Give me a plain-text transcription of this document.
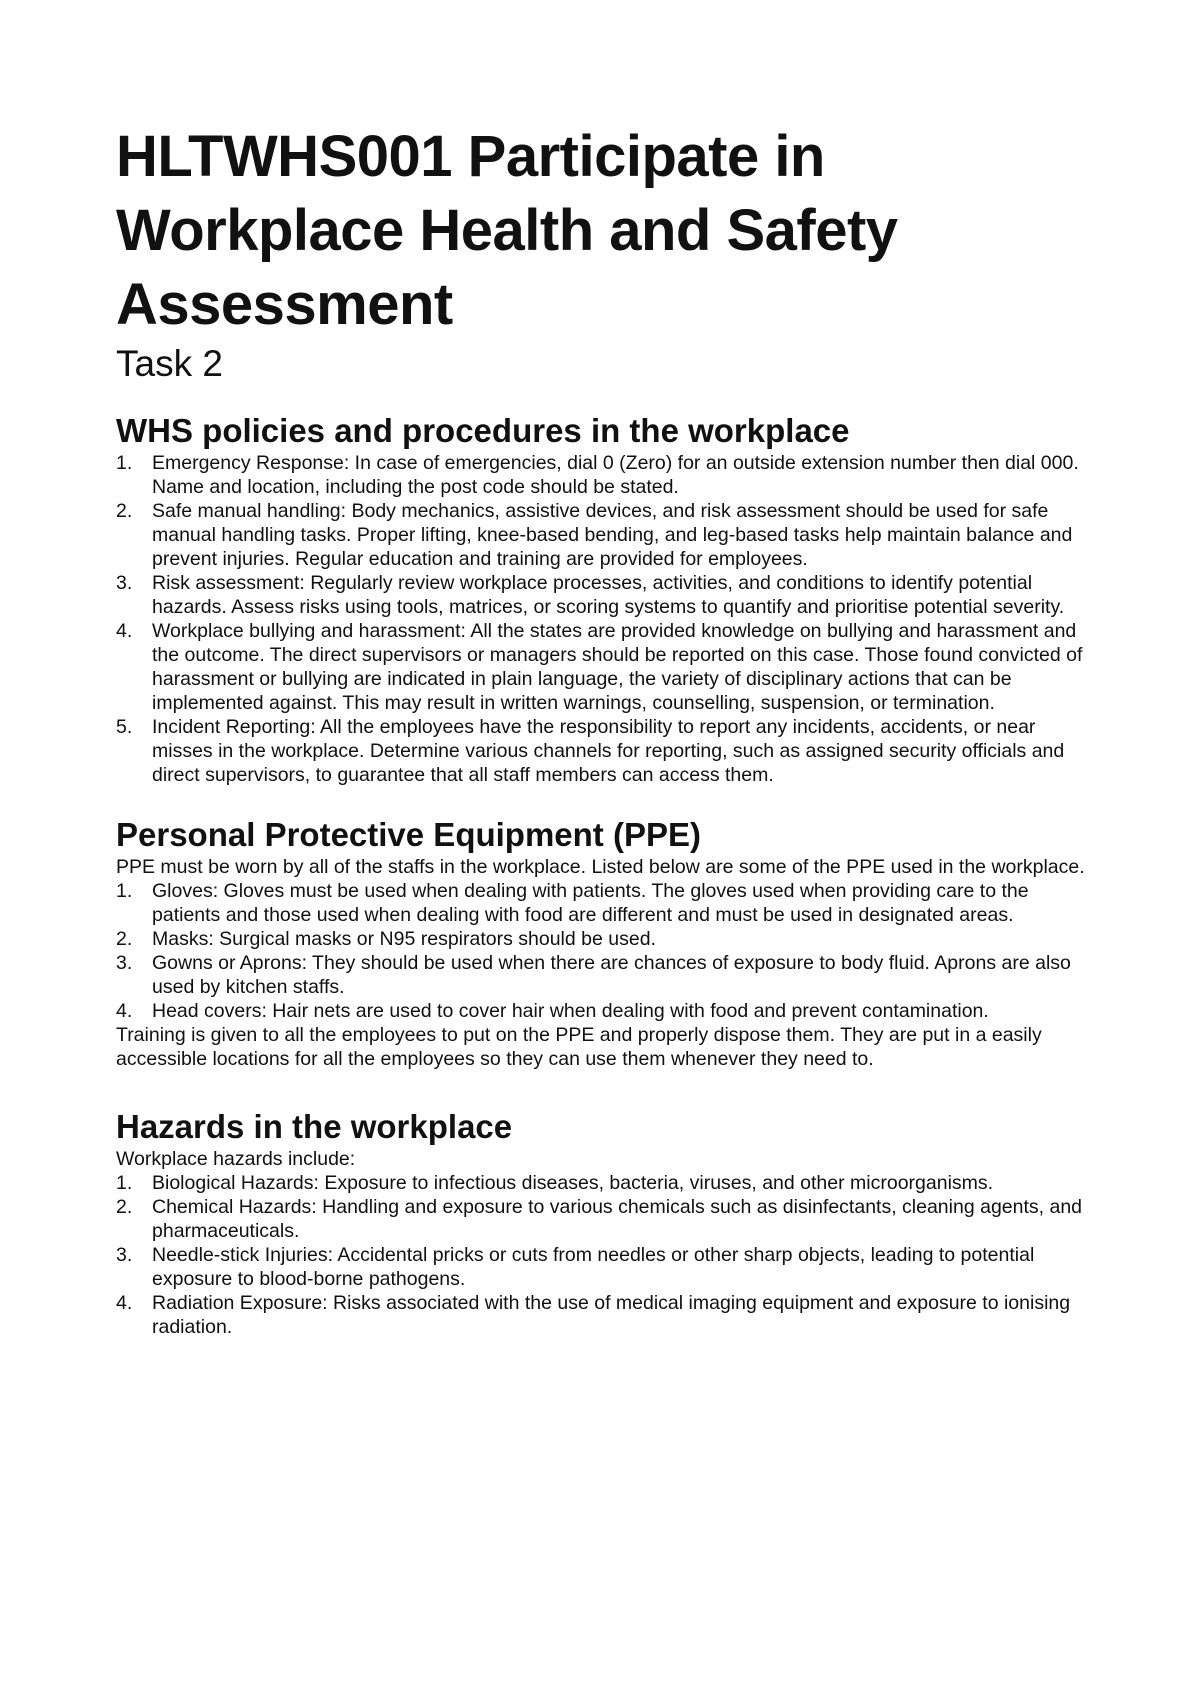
HLTWHS001 Participate in Workplace Health and Safety Assessment
Task 2
WHS policies and procedures in the workplace
1. Emergency Response: In case of emergencies, dial 0 (Zero) for an outside extension number then dial 000. Name and location, including the post code should be stated.
2. Safe manual handling: Body mechanics, assistive devices, and risk assessment should be used for safe manual handling tasks. Proper lifting, knee-based bending, and leg-based tasks help maintain balance and prevent injuries. Regular education and training are provided for employees.
3. Risk assessment: Regularly review workplace processes, activities, and conditions to identify potential hazards. Assess risks using tools, matrices, or scoring systems to quantify and prioritise potential severity.
4. Workplace bullying and harassment: All the states are provided knowledge on bullying and harassment and the outcome. The direct supervisors or managers should be reported on this case. Those found convicted of harassment or bullying are indicated in plain language, the variety of disciplinary actions that can be implemented against. This may result in written warnings, counselling, suspension, or termination.
5. Incident Reporting: All the employees have the responsibility to report any incidents, accidents, or near misses in the workplace. Determine various channels for reporting, such as assigned security officials and direct supervisors, to guarantee that all staff members can access them.
Personal Protective Equipment (PPE)

PPE must be worn by all of the staffs in the workplace. Listed below are some of the PPE used in the workplace.

1. Gloves: Gloves must be used when dealing with patients. The gloves used when providing care to the patients and those used when dealing with food are different and must be used in designated areas.
2. Masks: Surgical masks or N95 respirators should be used.
3. Gowns or Aprons: They should be used when there are chances of exposure to body fluid. Aprons are also used by kitchen staffs.
4. Head covers: Hair nets are used to cover hair when dealing with food and prevent contamination.

Training is given to all the employees to put on the PPE and properly dispose them. They are put in a easily accessible locations for all the employees so they can use them whenever they need to.

Hazards in the workplace

Workplace hazards include:

1. Biological Hazards: Exposure to infectious diseases, bacteria, viruses, and other microorganisms.
2. Chemical Hazards: Handling and exposure to various chemicals such as disinfectants, cleaning agents, and pharmaceuticals.
3. Needle-stick Injuries: Accidental pricks or cuts from needles or other sharp objects, leading to potential exposure to blood-borne pathogens.
4. Radiation Exposure: Risks associated with the use of medical imaging equipment and exposure to ionising radiation.
